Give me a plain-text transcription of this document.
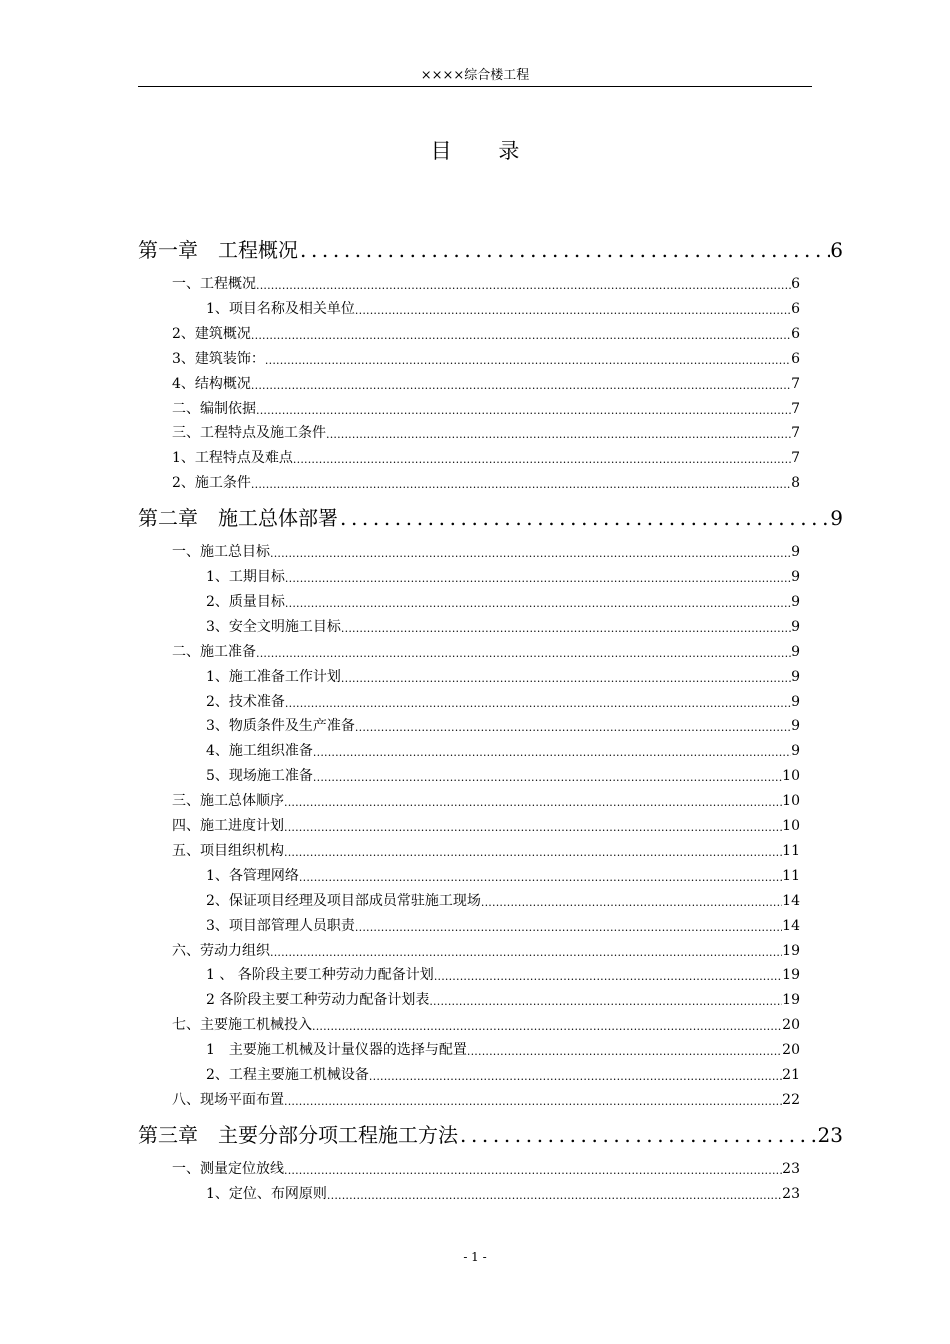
××××综合楼工程
目 录
第一章　工程概况 .....	6
一、工程概况 .....	6
1、项目名称及相关单位 .....	6
2、建筑概况 .....	6
3、建筑装饰： .....	6
4、结构概况 .....	7
二、编制依据 .....	7
三、工程特点及施工条件 .....	7
1、工程特点及难点 .....	7
2、施工条件 .....	8
第二章　施工总体部署 .....	9
一、施工总目标 .....	9
1、工期目标 .....	9
2、质量目标 .....	9
3、安全文明施工目标 .....	9
二、施工准备 .....	9
1、施工准备工作计划 .....	9
2、技术准备 .....	9
3、物质条件及生产准备 .....	9
4、施工组织准备 .....	9
5、现场施工准备 .....	10
三、施工总体顺序 .....	10
四、施工进度计划 .....	10
五、项目组织机构 .....	11
1、各管理网络 .....	11
2、保证项目经理及项目部成员常驻施工现场 .....	14
3、项目部管理人员职责 .....	14
六、劳动力组织 .....	19
1 、 各阶段主要工种劳动力配备计划 .....	19
2 各阶段主要工种劳动力配备计划表 .....	19
七、主要施工机械投入 .....	20
1　主要施工机械及计量仪器的选择与配置 .....	20
2、工程主要施工机械设备 .....	21
八、现场平面布置 .....	22
第三章　主要分部分项工程施工方法 .....	23
一、测量定位放线 .....	23
1、定位、布网原则 .....	23
- 1 -
